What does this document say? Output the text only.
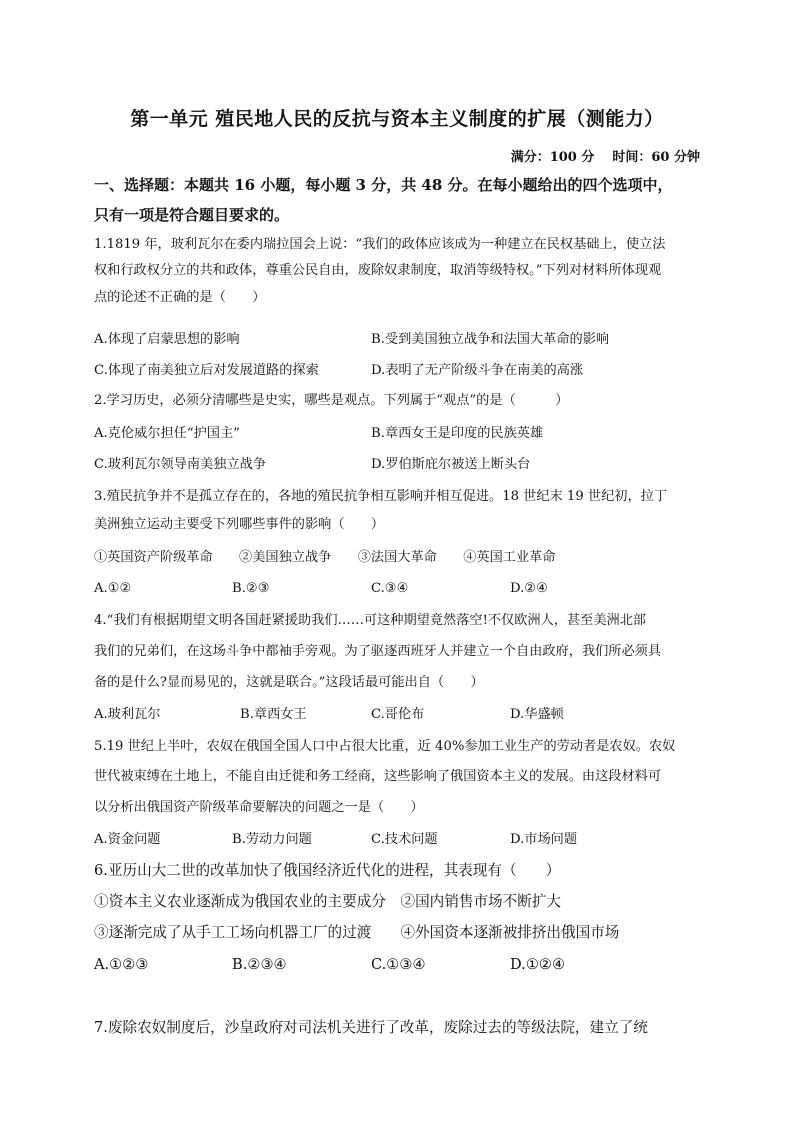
第一单元 殖民地人民的反抗与资本主义制度的扩展（测能力）
满分：100 分 时间：60 分钟
一、选择题：本题共 16 小题，每小题 3 分，共 48 分。在每小题给出的四个选项中，
只有一项是符合题目要求的。
1.1819 年，玻利瓦尔在委内瑞拉国会上说：“我们的政体应该成为一种建立在民权基础上，使立法
权和行政权分立的共和政体，尊重公民自由，废除奴隶制度，取消等级特权。”下列对材料所体现观
点的论述不正确的是（　　）
A.体现了启蒙思想的影响	B.受到美国独立战争和法国大革命的影响
C.体现了南美独立后对发展道路的探索	D.表明了无产阶级斗争在南美的高涨
2.学习历史，必须分清哪些是史实，哪些是观点。下列属于“观点”的是（　　　）
A.克伦威尔担任“护国主”	B.章西女王是印度的民族英雄
C.玻利瓦尔领导南美独立战争	D.罗伯斯庇尔被送上断头台
3.殖民抗争并不是孤立存在的，各地的殖民抗争相互影响并相互促进。18 世纪末 19 世纪初，拉丁
美洲独立运动主要受下列哪些事件的影响（　　）
①英国资产阶级革命　　②美国独立战争　　③法国大革命　　④英国工业革命
A.①②	B.②③	C.③④	D.②④
4.“我们有根据期望文明各国赶紧援助我们……可这种期望竟然落空!不仅欧洲人，甚至美洲北部
我们的兄弟们，在这场斗争中都袖手旁观。为了驱逐西班牙人并建立一个自由政府，我们所必须具
备的是什么?显而易见的，这就是联合。”这段话最可能出自（　　）
A.玻利瓦尔	B.章西女王	C.哥伦布	D.华盛顿
5.19 世纪上半叶，农奴在俄国全国人口中占很大比重，近 40%参加工业生产的劳动者是农奴。农奴
世代被束缚在土地上，不能自由迁徙和务工经商，这些影响了俄国资本主义的发展。由这段材料可
以分析出俄国资产阶级革命要解决的问题之一是（　　）
A.资金问题	B.劳动力问题	C.技术问题	D.市场问题
6.亚历山大二世的改革加快了俄国经济近代化的进程，其表现有（　　）
①资本主义农业逐渐成为俄国农业的主要成分　②国内销售市场不断扩大
③逐渐完成了从手工工场向机器工厂的过渡　　④外国资本逐渐被排挤出俄国市场
A.①②③	B.②③④	C.①③④	D.①②④
7.废除农奴制度后，沙皇政府对司法机关进行了改革，废除过去的等级法院，建立了统
